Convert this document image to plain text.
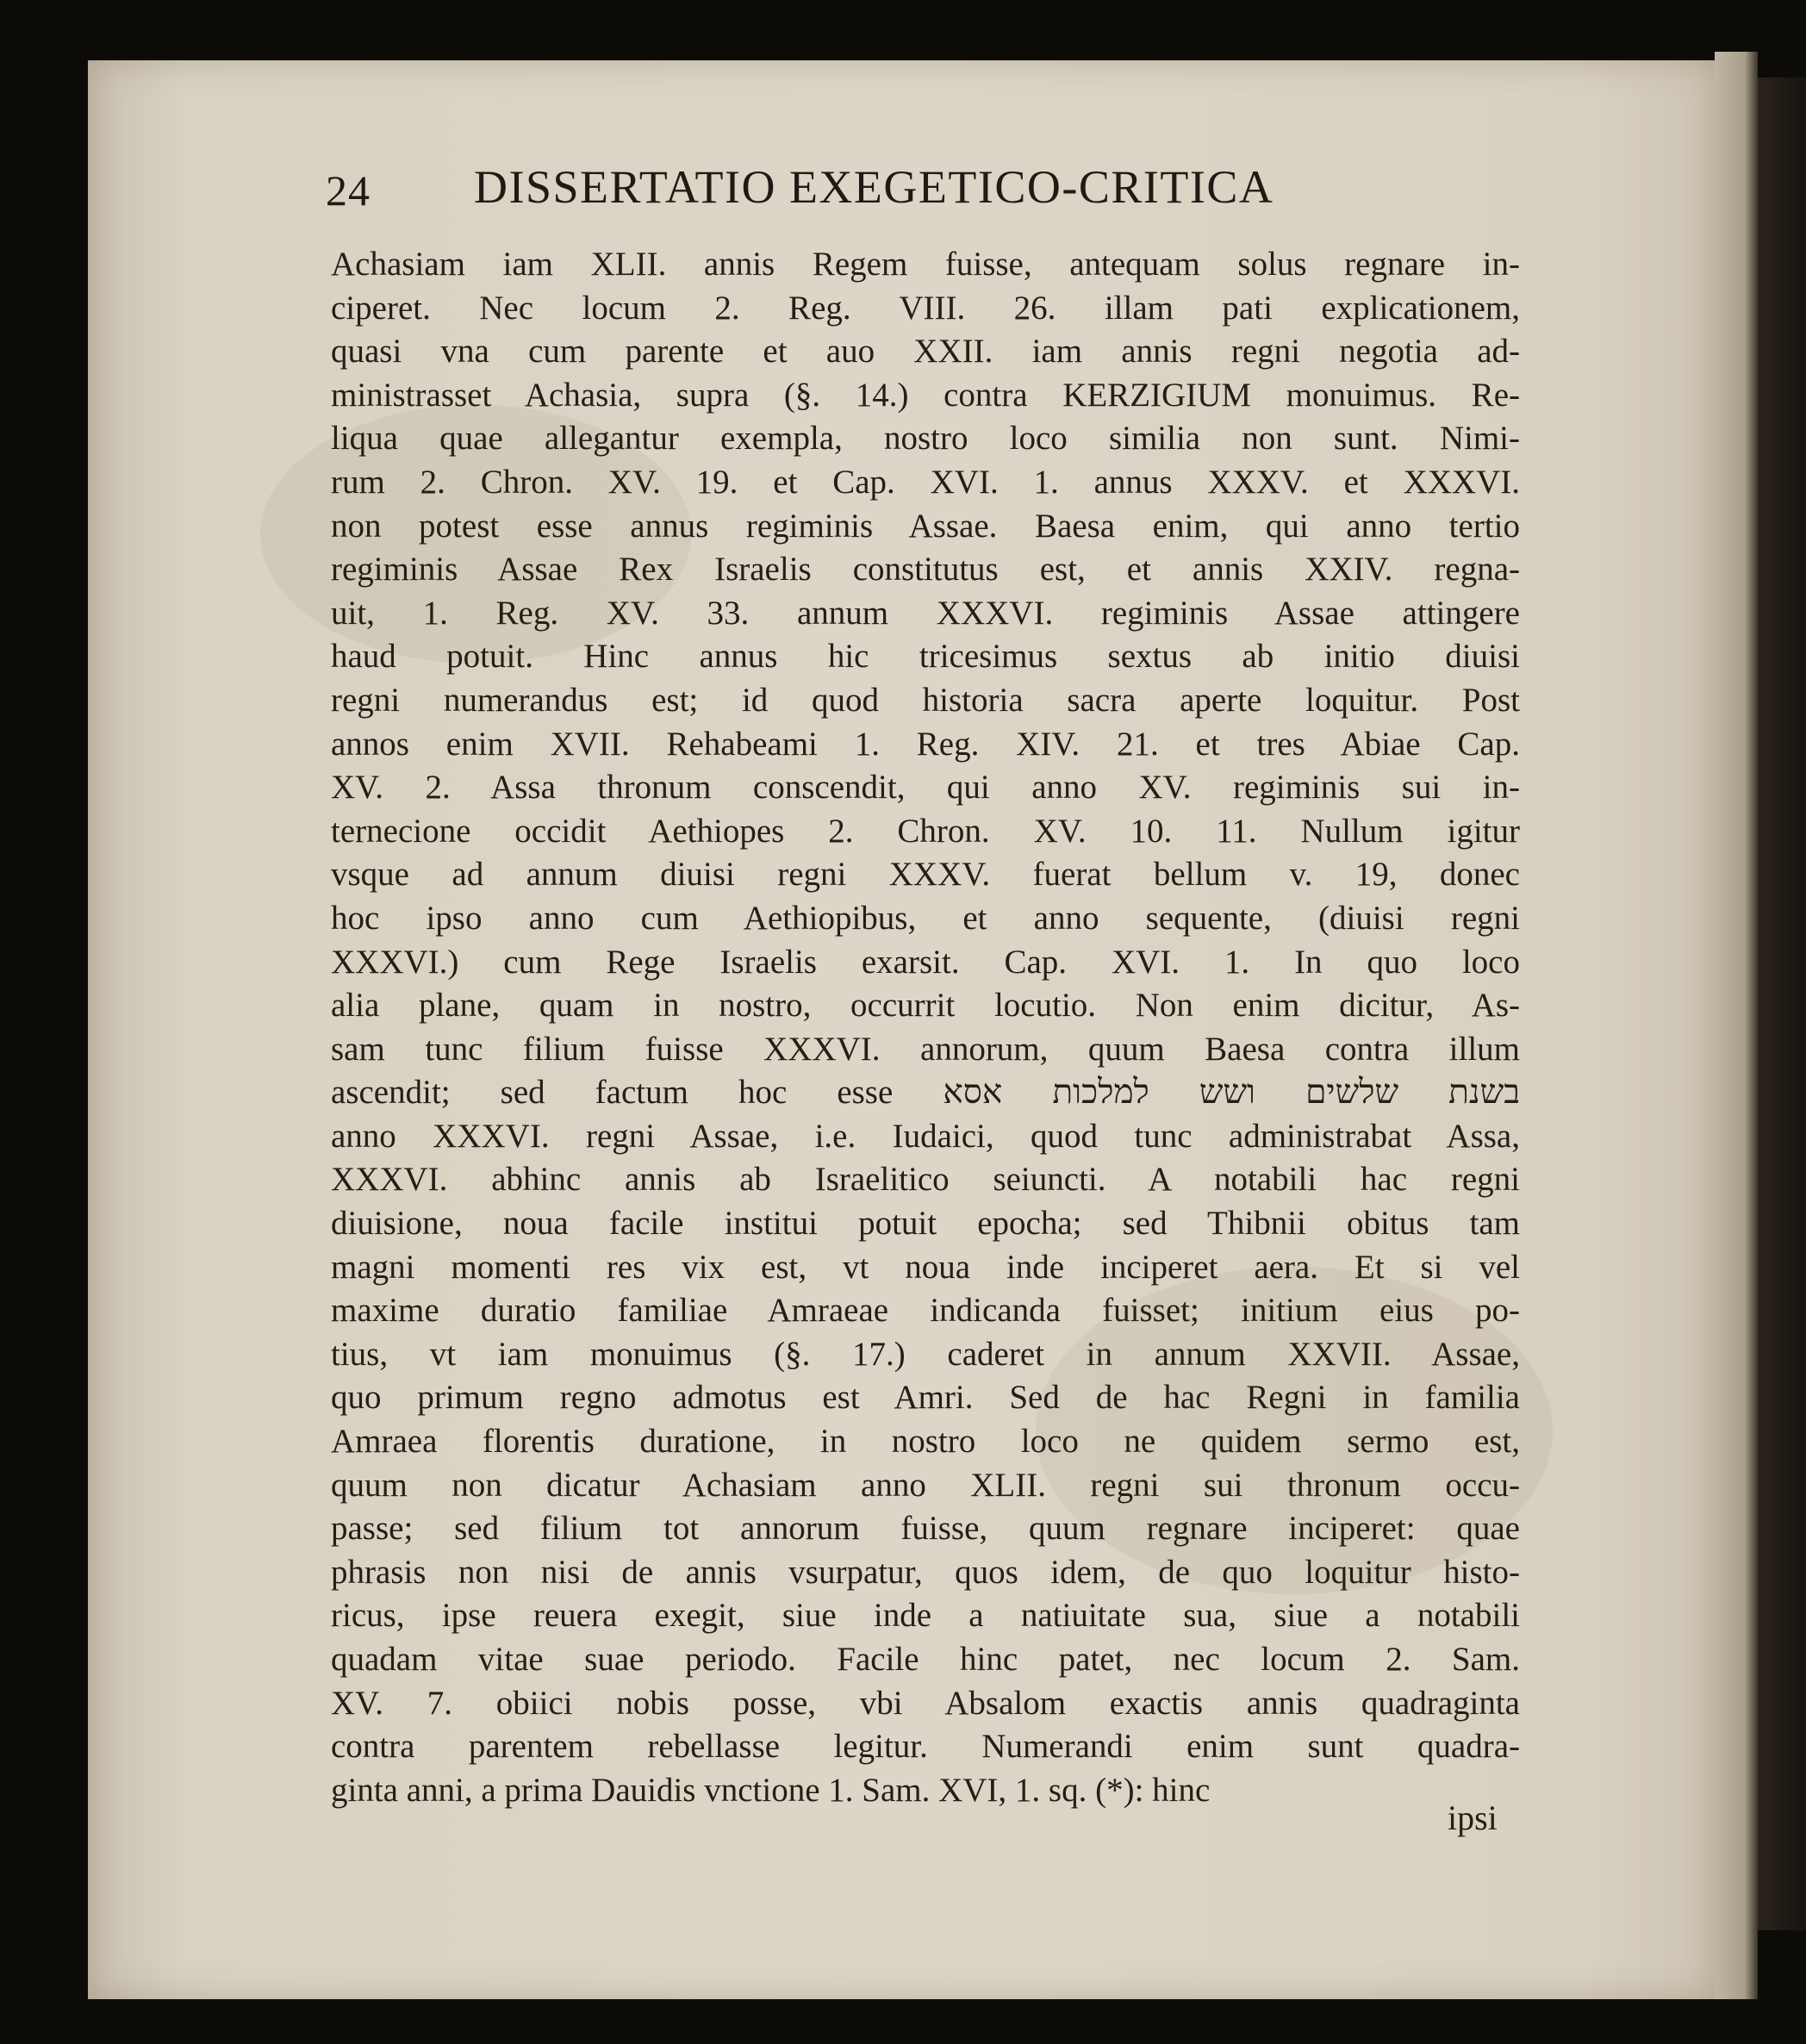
24 DISSERTATIO EXEGETICO-CRITICA
Achasiam iam XLII. annis Regem fuisse, antequam solus regnare in-
ciperet. Nec locum 2. Reg. VIII. 26. illam pati explicationem,
quasi vna cum parente et auo XXII. iam annis regni negotia ad-
ministrasset Achasia, supra (§. 14.) contra KERZIGIUM monuimus. Re-
liqua quae allegantur exempla, nostro loco similia non sunt. Nimi-
rum 2. Chron. XV. 19. et Cap. XVI. 1. annus XXXV. et XXXVI.
non potest esse annus regiminis Assae. Baesa enim, qui anno tertio
regiminis Assae Rex Israelis constitutus est, et annis XXIV. regna-
uit, 1. Reg. XV. 33. annum XXXVI. regiminis Assae attingere
haud potuit. Hinc annus hic tricesimus sextus ab initio diuisi
regni numerandus est; id quod historia sacra aperte loquitur. Post
annos enim XVII. Rehabeami 1. Reg. XIV. 21. et tres Abiae Cap.
XV. 2. Assa thronum conscendit, qui anno XV. regiminis sui in-
ternecione occidit Aethiopes 2. Chron. XV. 10. 11. Nullum igitur
vsque ad annum diuisi regni XXXV. fuerat bellum v. 19, donec
hoc ipso anno cum Aethiopibus, et anno sequente, (diuisi regni
XXXVI.) cum Rege Israelis exarsit. Cap. XVI. 1. In quo loco
alia plane, quam in nostro, occurrit locutio. Non enim dicitur, As-
sam tunc filium fuisse XXXVI. annorum, quum Baesa contra illum
ascendit; sed factum hoc esse בשנת שלשים ושש למלכות אסא
anno XXXVI. regni Assae, i.e. Iudaici, quod tunc administrabat Assa,
XXXVI. abhinc annis ab Israelitico seiuncti. A notabili hac regni
diuisione, noua facile institui potuit epocha; sed Thibnii obitus tam
magni momenti res vix est, vt noua inde inciperet aera. Et si vel
maxime duratio familiae Amraeae indicanda fuisset; initium eius po-
tius, vt iam monuimus (§. 17.) caderet in annum XXVII. Assae,
quo primum regno admotus est Amri. Sed de hac Regni in familia
Amraea florentis duratione, in nostro loco ne quidem sermo est,
quum non dicatur Achasiam anno XLII. regni sui thronum occu-
passe; sed filium tot annorum fuisse, quum regnare inciperet: quae
phrasis non nisi de annis vsurpatur, quos idem, de quo loquitur histo-
ricus, ipse reuera exegit, siue inde a natiuitate sua, siue a notabili
quadam vitae suae periodo. Facile hinc patet, nec locum 2. Sam.
XV. 7. obiici nobis posse, vbi Absalom exactis annis quadraginta
contra parentem rebellasse legitur. Numerandi enim sunt quadra-
ginta anni, a prima Dauidis vnctione 1. Sam. XVI, 1. sq. (*): hinc
ipsi
